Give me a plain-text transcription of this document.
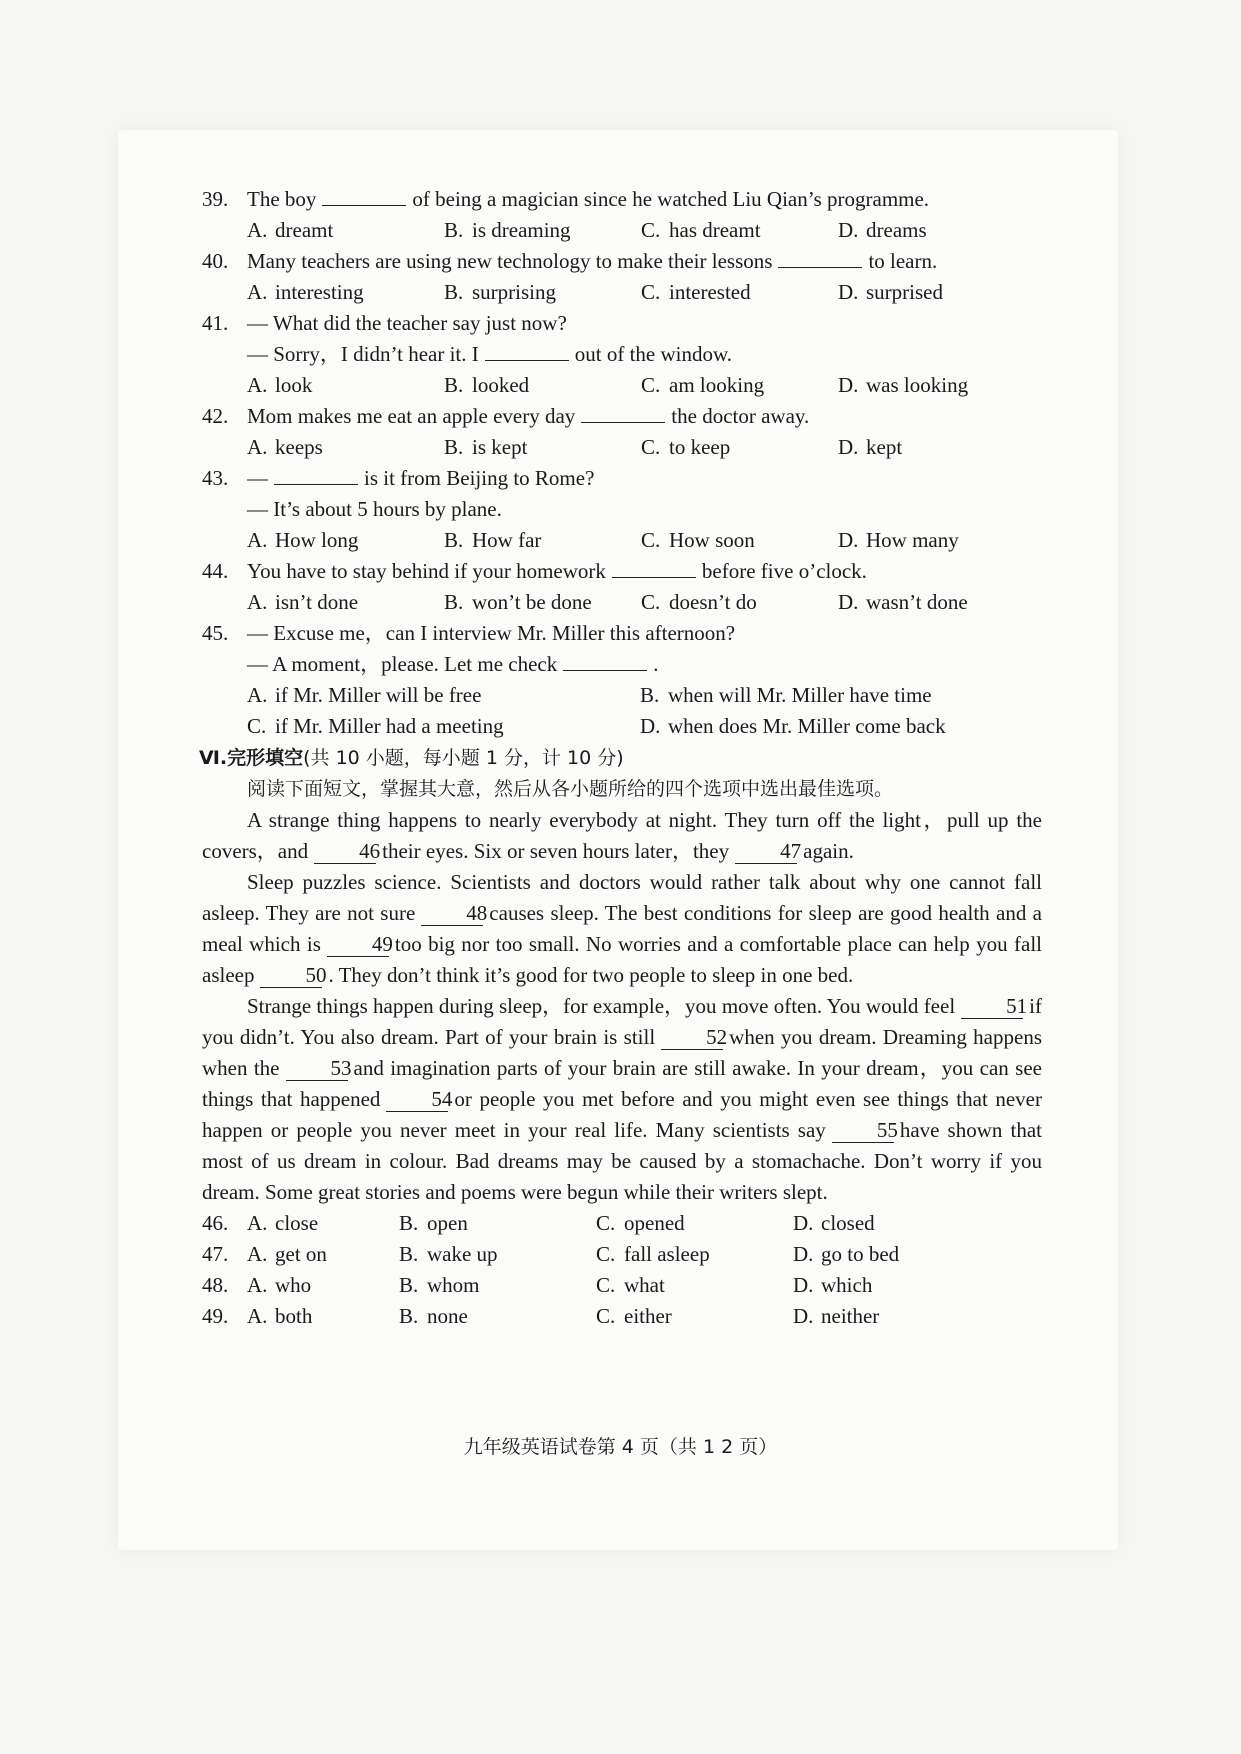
39. The boy	of being a magician since he watched Liu Qian’s programme.
A. dreamt	B. is dreaming	C. has dreamt	D. dreams
40. Many teachers are using new technology to make their lessons	to learn.
A. interesting	B. surprising	C. interested	D. surprised
41. — What did the teacher say just now?
— Sorry，I didn’t hear it. I	out of the window.
A. look	B. looked	C. am looking	D. was looking
42. Mom makes me eat an apple every day	the doctor away.
A. keeps	B. is kept	C. to keep	D. kept
43. —	is it from Beijing to Rome?
— It’s about 5 hours by plane.
A. How long	B. How far	C. How soon	D. How many
44. You have to stay behind if your homework	before five o’clock.
A. isn’t done	B. won’t be done	C. doesn’t do	D. wasn’t done
45. — Excuse me，can I interview Mr. Miller this afternoon?
— A moment，please. Let me check	.
A. if Mr. Miller will be free	B. when will Mr. Miller have time
C. if Mr. Miller had a meeting	D. when does Mr. Miller come back
Ⅵ.完形填空(共 10 小题，每小题 1 分，计 10 分)
阅读下面短文，掌握其大意，然后从各小题所给的四个选项中选出最佳选项。

A strange thing happens to nearly everybody at night. They turn off the light，pull up the covers，and 46their eyes. Six or seven hours later，they 47again.

Sleep puzzles science. Scientists and doctors would rather talk about why one cannot fall asleep. They are not sure 48causes sleep. The best conditions for sleep are good health and a meal which is 49too big nor too small. No worries and a comfortable place can help you fall asleep 50. They don’t think it’s good for two people to sleep in one bed.

Strange things happen during sleep，for example，you move often. You would feel 51if you didn’t. You also dream. Part of your brain is still 52when you dream. Dreaming happens when the 53and imagination parts of your brain are still awake. In your dream，you can see things that happened 54or people you met before and you might even see things that never happen or people you never meet in your real life. Many scientists say 55have shown that most of us dream in colour. Bad dreams may be caused by a stomachache. Don’t worry if you dream. Some great stories and poems were begun while their writers slept.

46. A. close	B. open	C. opened	D. closed
47. A. get on	B. wake up	C. fall asleep	D. go to bed
48. A. who	B. whom	C. what	D. which
49. A. both	B. none	C. either	D. neither
九年级英语试卷第 4 页（共 1 2 页）
